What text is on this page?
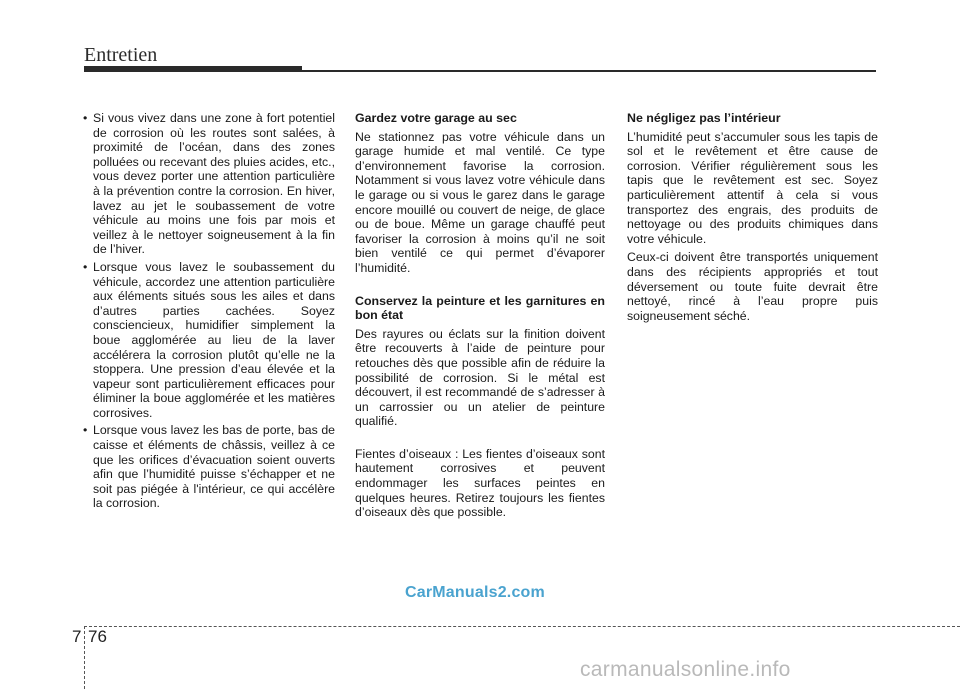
Entretien
• Si vous vivez dans une zone à fort potentiel de corrosion où les routes sont salées, à proximité de l’océan, dans des zones polluées ou recevant des pluies acides, etc., vous devez porter une attention particulière à la prévention contre la corrosion. En hiver, lavez au jet le soubassement de votre véhicule au moins une fois par mois et veillez à le nettoyer soigneusement à la fin de l’hiver.
• Lorsque vous lavez le soubassement du véhicule, accordez une attention particulière aux éléments situés sous les ailes et dans d’autres parties cachées. Soyez consciencieux, humidifier simplement la boue agglomérée au lieu de la laver accélérera la corrosion plutôt qu’elle ne la stoppera. Une pression d’eau élevée et la vapeur sont particulièrement efficaces pour éliminer la boue agglomérée et les matières corrosives.
• Lorsque vous lavez les bas de porte, bas de caisse et éléments de châssis, veillez à ce que les orifices d’évacuation soient ouverts afin que l’humidité puisse s’échapper et ne soit pas piégée à l'intérieur, ce qui accélère la corrosion.
Gardez votre garage au sec

Ne stationnez pas votre véhicule dans un garage humide et mal ventilé. Ce type d’environnement favorise la corrosion. Notamment si vous lavez votre véhicule dans le garage ou si vous le garez dans le garage encore mouillé ou couvert de neige, de glace ou de boue. Même un garage chauffé peut favoriser la corrosion à moins qu’il ne soit bien ventilé ce qui permet d’évaporer l’humidité.

Conservez la peinture et les garnitures en bon état

Des rayures ou éclats sur la finition doivent être recouverts à l’aide de peinture pour retouches dès que possible afin de réduire la possibilité de corrosion. Si le métal est découvert, il est recommandé de s’adresser à un carrossier ou un atelier de peinture qualifié.

Fientes d’oiseaux : Les fientes d’oiseaux sont hautement corrosives et peuvent endommager les surfaces peintes en quelques heures. Retirez toujours les fientes d’oiseaux dès que possible.

Ne négligez pas l’intérieur

L’humidité peut s’accumuler sous les tapis de sol et le revêtement et être cause de corrosion. Vérifier régulièrement sous les tapis que le revêtement est sec. Soyez particulièrement attentif à cela si vous transportez des engrais, des produits de nettoyage ou des produits chimiques dans votre véhicule.

Ceux-ci doivent être transportés uniquement dans des récipients appropriés et tout déversement ou toute fuite devrait être nettoyé, rincé à l’eau propre puis soigneusement séché.

CarManuals2.com
7 76
carmanualsonline.info
